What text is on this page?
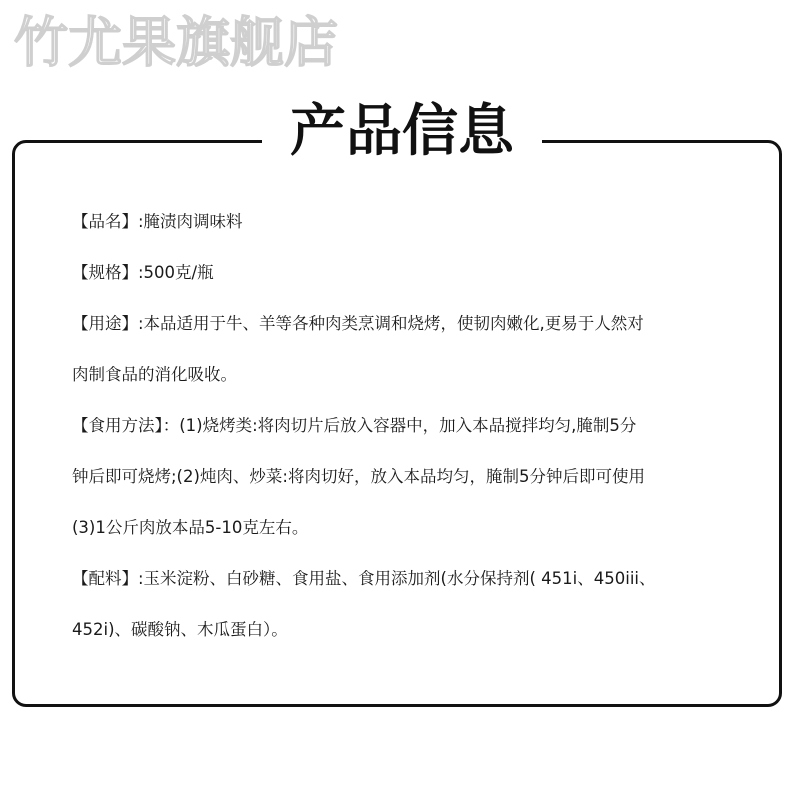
竹尤果旗舰店
产品信息
【品名】:腌渍肉调味料
【规格】:500克/瓶
【用途】:本品适用于牛、羊等各种肉类烹调和烧烤，使韧肉嫩化,更易于人然对
肉制食品的消化吸收。
【食用方法】：(1)烧烤类:将肉切片后放入容器中，加入本品搅拌均匀,腌制5分
钟后即可烧烤;(2)炖肉、炒菜:将肉切好，放入本品均匀，腌制5分钟后即可使用
(3)1公斤肉放本品5-10克左右。
【配料】:玉米淀粉、白砂糖、食用盐、食用添加剂(水分保持剂( 451i、450iii、
452i)、碳酸钠、木瓜蛋白）。
